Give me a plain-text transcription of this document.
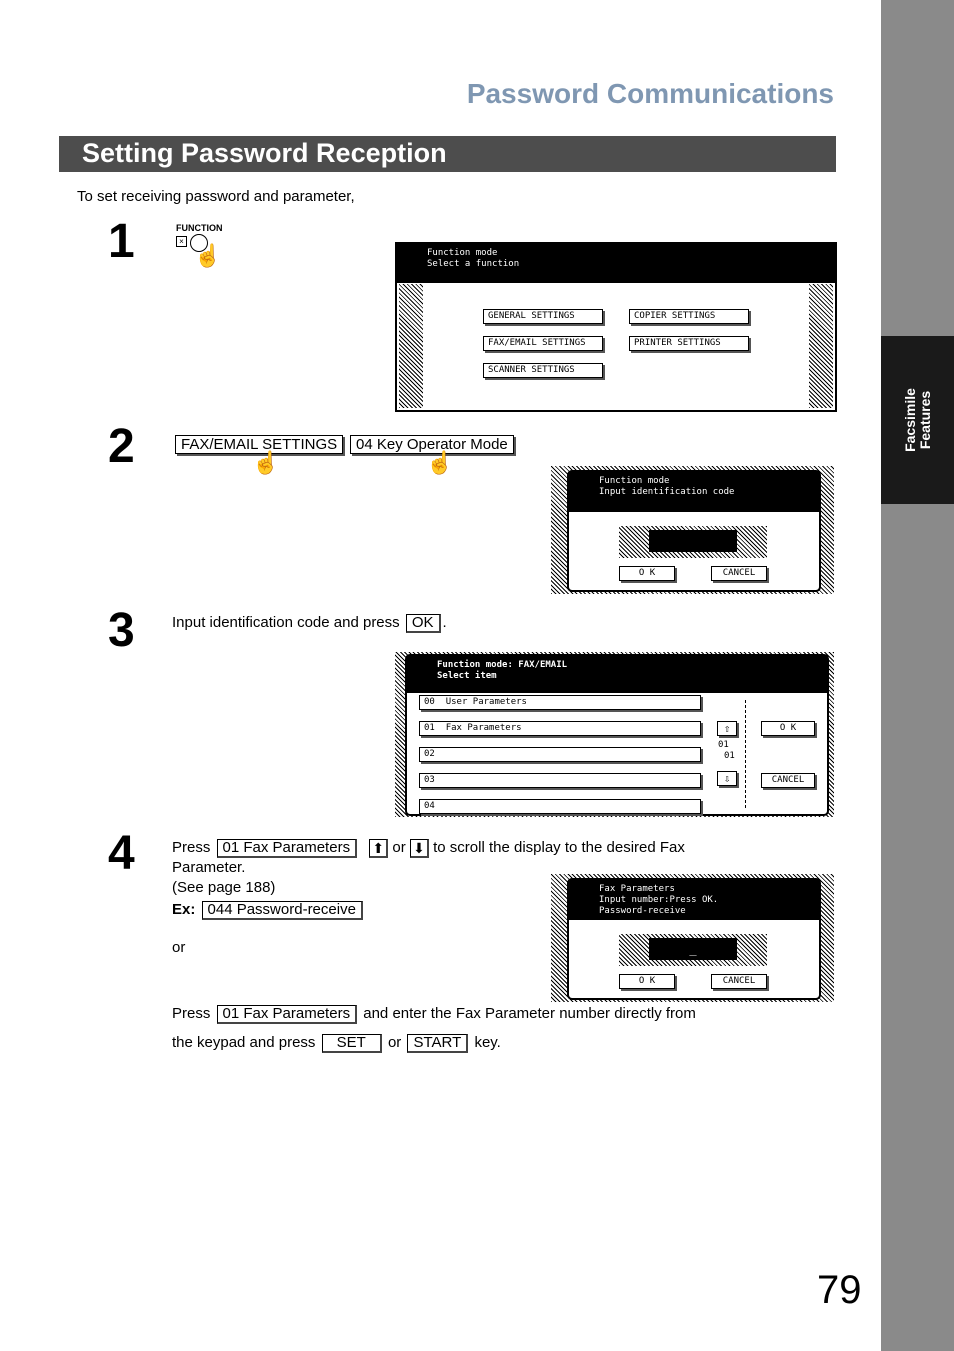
Facsimile Features
Password Communications
Setting Password Reception
To set receiving password and parameter,
1	FUNCTION
×
☝	Function mode
Select a function
GENERAL SETTINGS	COPIER SETTINGS
FAX/EMAIL SETTINGS	PRINTER SETTINGS
SCANNER SETTINGS
2	FAX/EMAIL SETTINGS
☝
04 Key Operator Mode
☝
Function mode
Input identification code
O K	CANCEL
3 Input identification code and press OK .
Function mode: FAX/EMAIL
Select item
00 User Parameters
01 Fax Parameters
02
03
04
⇧
01
01
⇩
O K
CANCEL
4 Press 01 Fax Parameters ⬆ or ⬇ to scroll the display to the desired Fax
Parameter.
(See page 188)
Ex: 044 Password-receive
or
Fax Parameters
Input number:Press OK.
Password-receive
_
O K	CANCEL
Press 01 Fax Parameters and enter the Fax Parameter number directly from
the keypad and press SET or START key.
79
